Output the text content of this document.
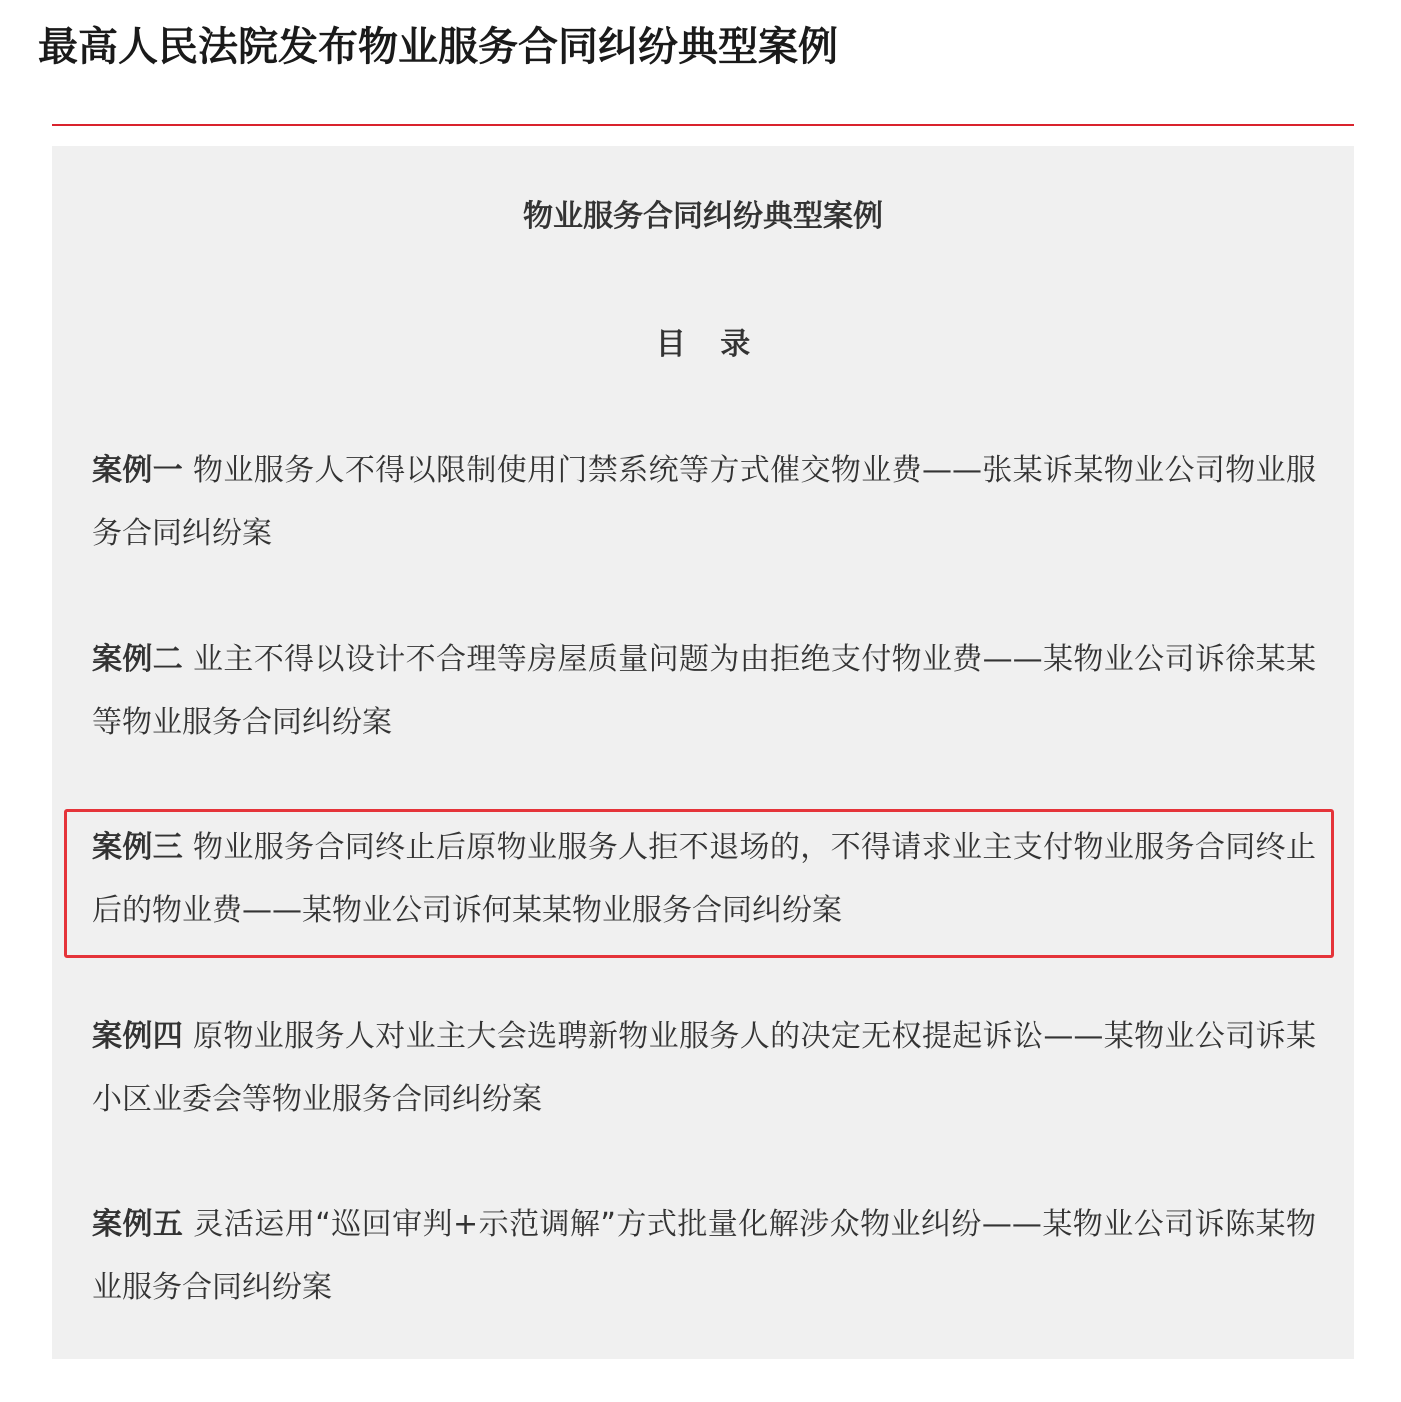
最高人民法院发布物业服务合同纠纷典型案例
物业服务合同纠纷典型案例
目 录

案例一 物业服务人不得以限制使用门禁系统等方式催交物业费——张某诉某物业公司物业服务合同纠纷案

案例二 业主不得以设计不合理等房屋质量问题为由拒绝支付物业费——某物业公司诉徐某某等物业服务合同纠纷案

案例三 物业服务合同终止后原物业服务人拒不退场的，不得请求业主支付物业服务合同终止后的物业费——某物业公司诉何某某物业服务合同纠纷案

案例四 原物业服务人对业主大会选聘新物业服务人的决定无权提起诉讼——某物业公司诉某小区业委会等物业服务合同纠纷案

案例五 灵活运用“巡回审判+示范调解”方式批量化解涉众物业纠纷——某物业公司诉陈某物业服务合同纠纷案
